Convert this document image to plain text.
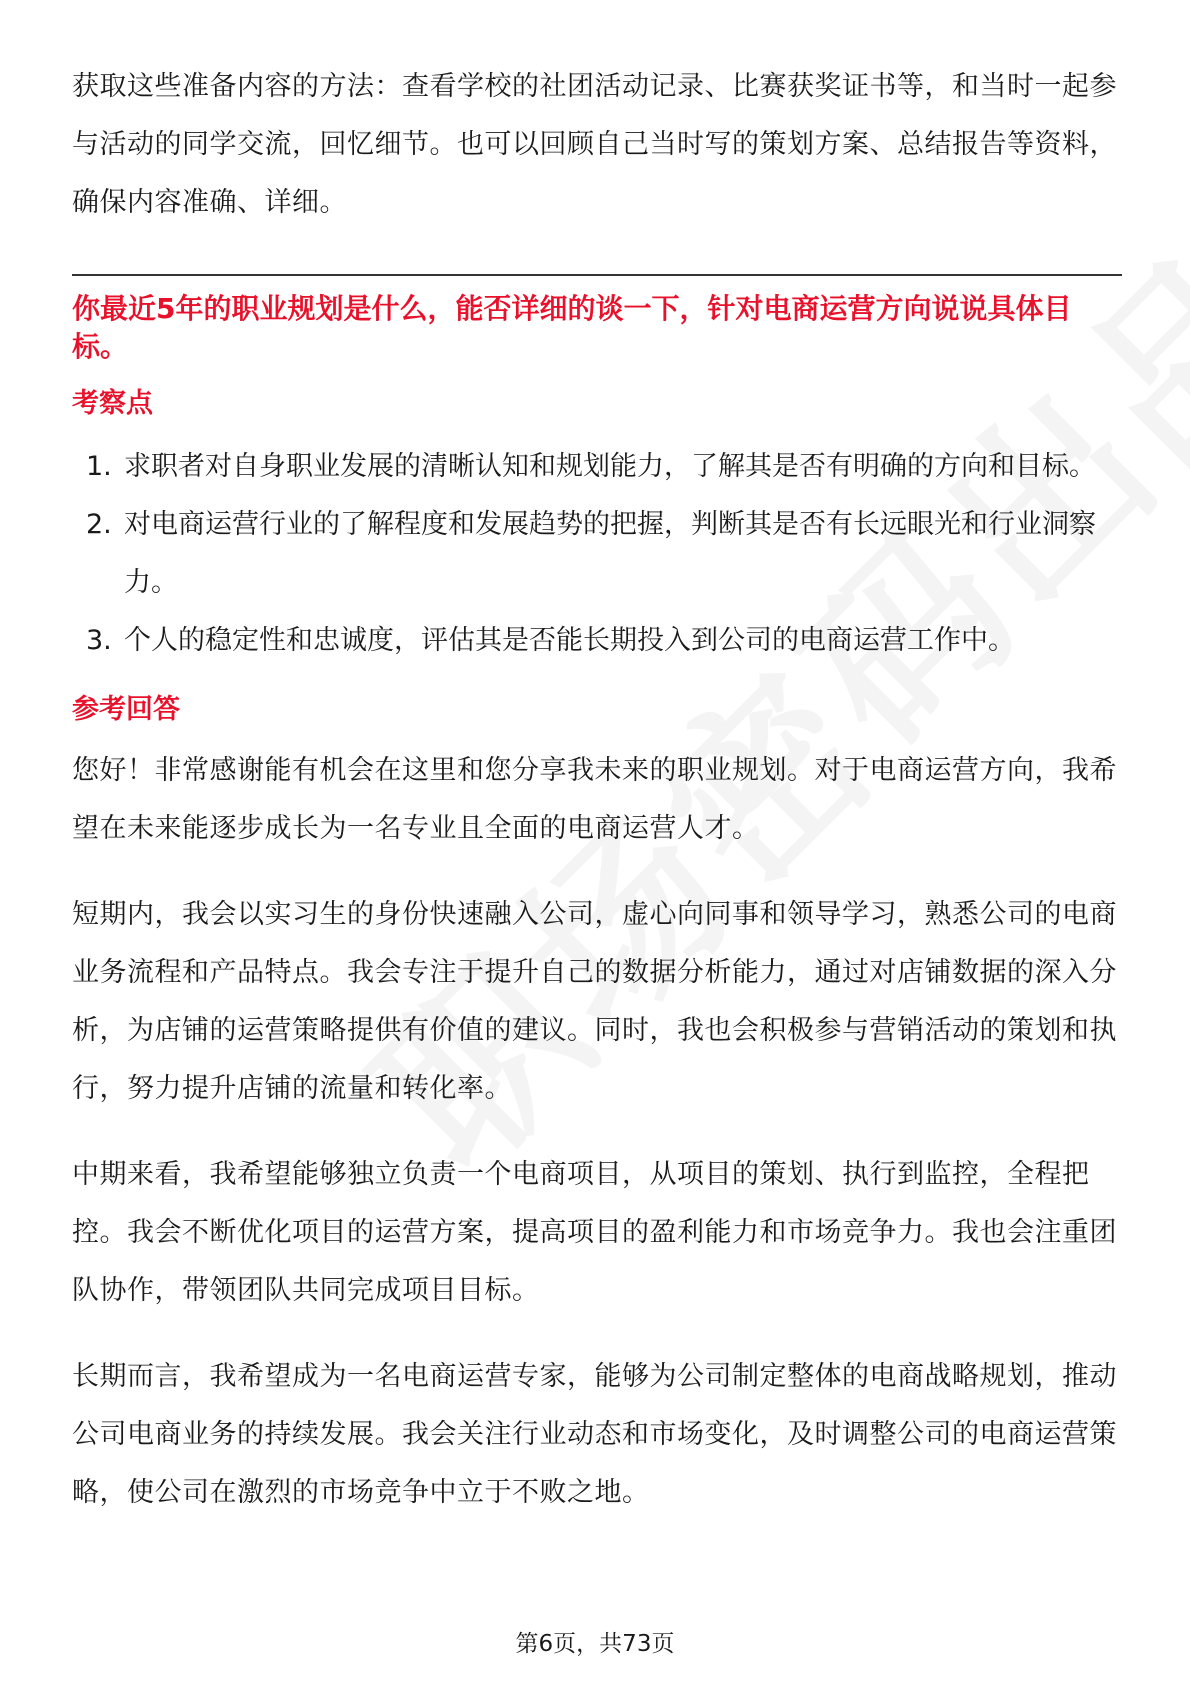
获取这些准备内容的方法：查看学校的社团活动记录、比赛获奖证书等，和当时一起参与活动的同学交流，回忆细节。也可以回顾自己当时写的策划方案、总结报告等资料，确保内容准确、详细。

你最近5年的职业规划是什么，能否详细的谈一下，针对电商运营方向说说具体目标。

考察点
1. 求职者对自身职业发展的清晰认知和规划能力，了解其是否有明确的方向和目标。
2. 对电商运营行业的了解程度和发展趋势的把握，判断其是否有长远眼光和行业洞察力。
3. 个人的稳定性和忠诚度，评估其是否能长期投入到公司的电商运营工作中。
参考回答

您好！非常感谢能有机会在这里和您分享我未来的职业规划。对于电商运营方向，我希望在未来能逐步成长为一名专业且全面的电商运营人才。

短期内，我会以实习生的身份快速融入公司，虚心向同事和领导学习，熟悉公司的电商业务流程和产品特点。我会专注于提升自己的数据分析能力，通过对店铺数据的深入分析，为店铺的运营策略提供有价值的建议。同时，我也会积极参与营销活动的策划和执行，努力提升店铺的流量和转化率。

中期来看，我希望能够独立负责一个电商项目，从项目的策划、执行到监控，全程把控。我会不断优化项目的运营方案，提高项目的盈利能力和市场竞争力。我也会注重团队协作，带领团队共同完成项目目标。

长期而言，我希望成为一名电商运营专家，能够为公司制定整体的电商战略规划，推动公司电商业务的持续发展。我会关注行业动态和市场变化，及时调整公司的电商运营策略，使公司在激烈的市场竞争中立于不败之地。

第6页，共73页
